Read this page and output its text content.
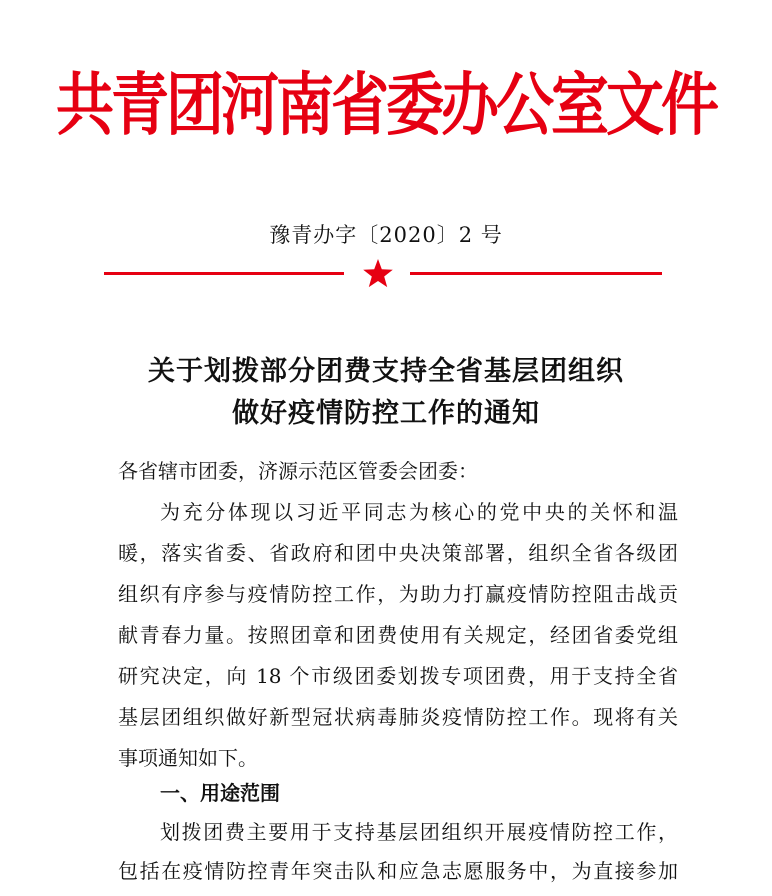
共青团河南省委办公室文件
豫青办字〔2020〕2 号
关于划拨部分团费支持全省基层团组织
做好疫情防控工作的通知
各省辖市团委，济源示范区管委会团委：
为充分体现以习近平同志为核心的党中央的关怀和温
暖，落实省委、省政府和团中央决策部署，组织全省各级团
组织有序参与疫情防控工作，为助力打赢疫情防控阻击战贡
献青春力量。按照团章和团费使用有关规定，经团省委党组
研究决定，向 18 个市级团委划拨专项团费，用于支持全省
基层团组织做好新型冠状病毒肺炎疫情防控工作。现将有关
事项通知如下。
一、用途范围
划拨团费主要用于支持基层团组织开展疫情防控工作，
包括在疫情防控青年突击队和应急志愿服务中，为直接参加
